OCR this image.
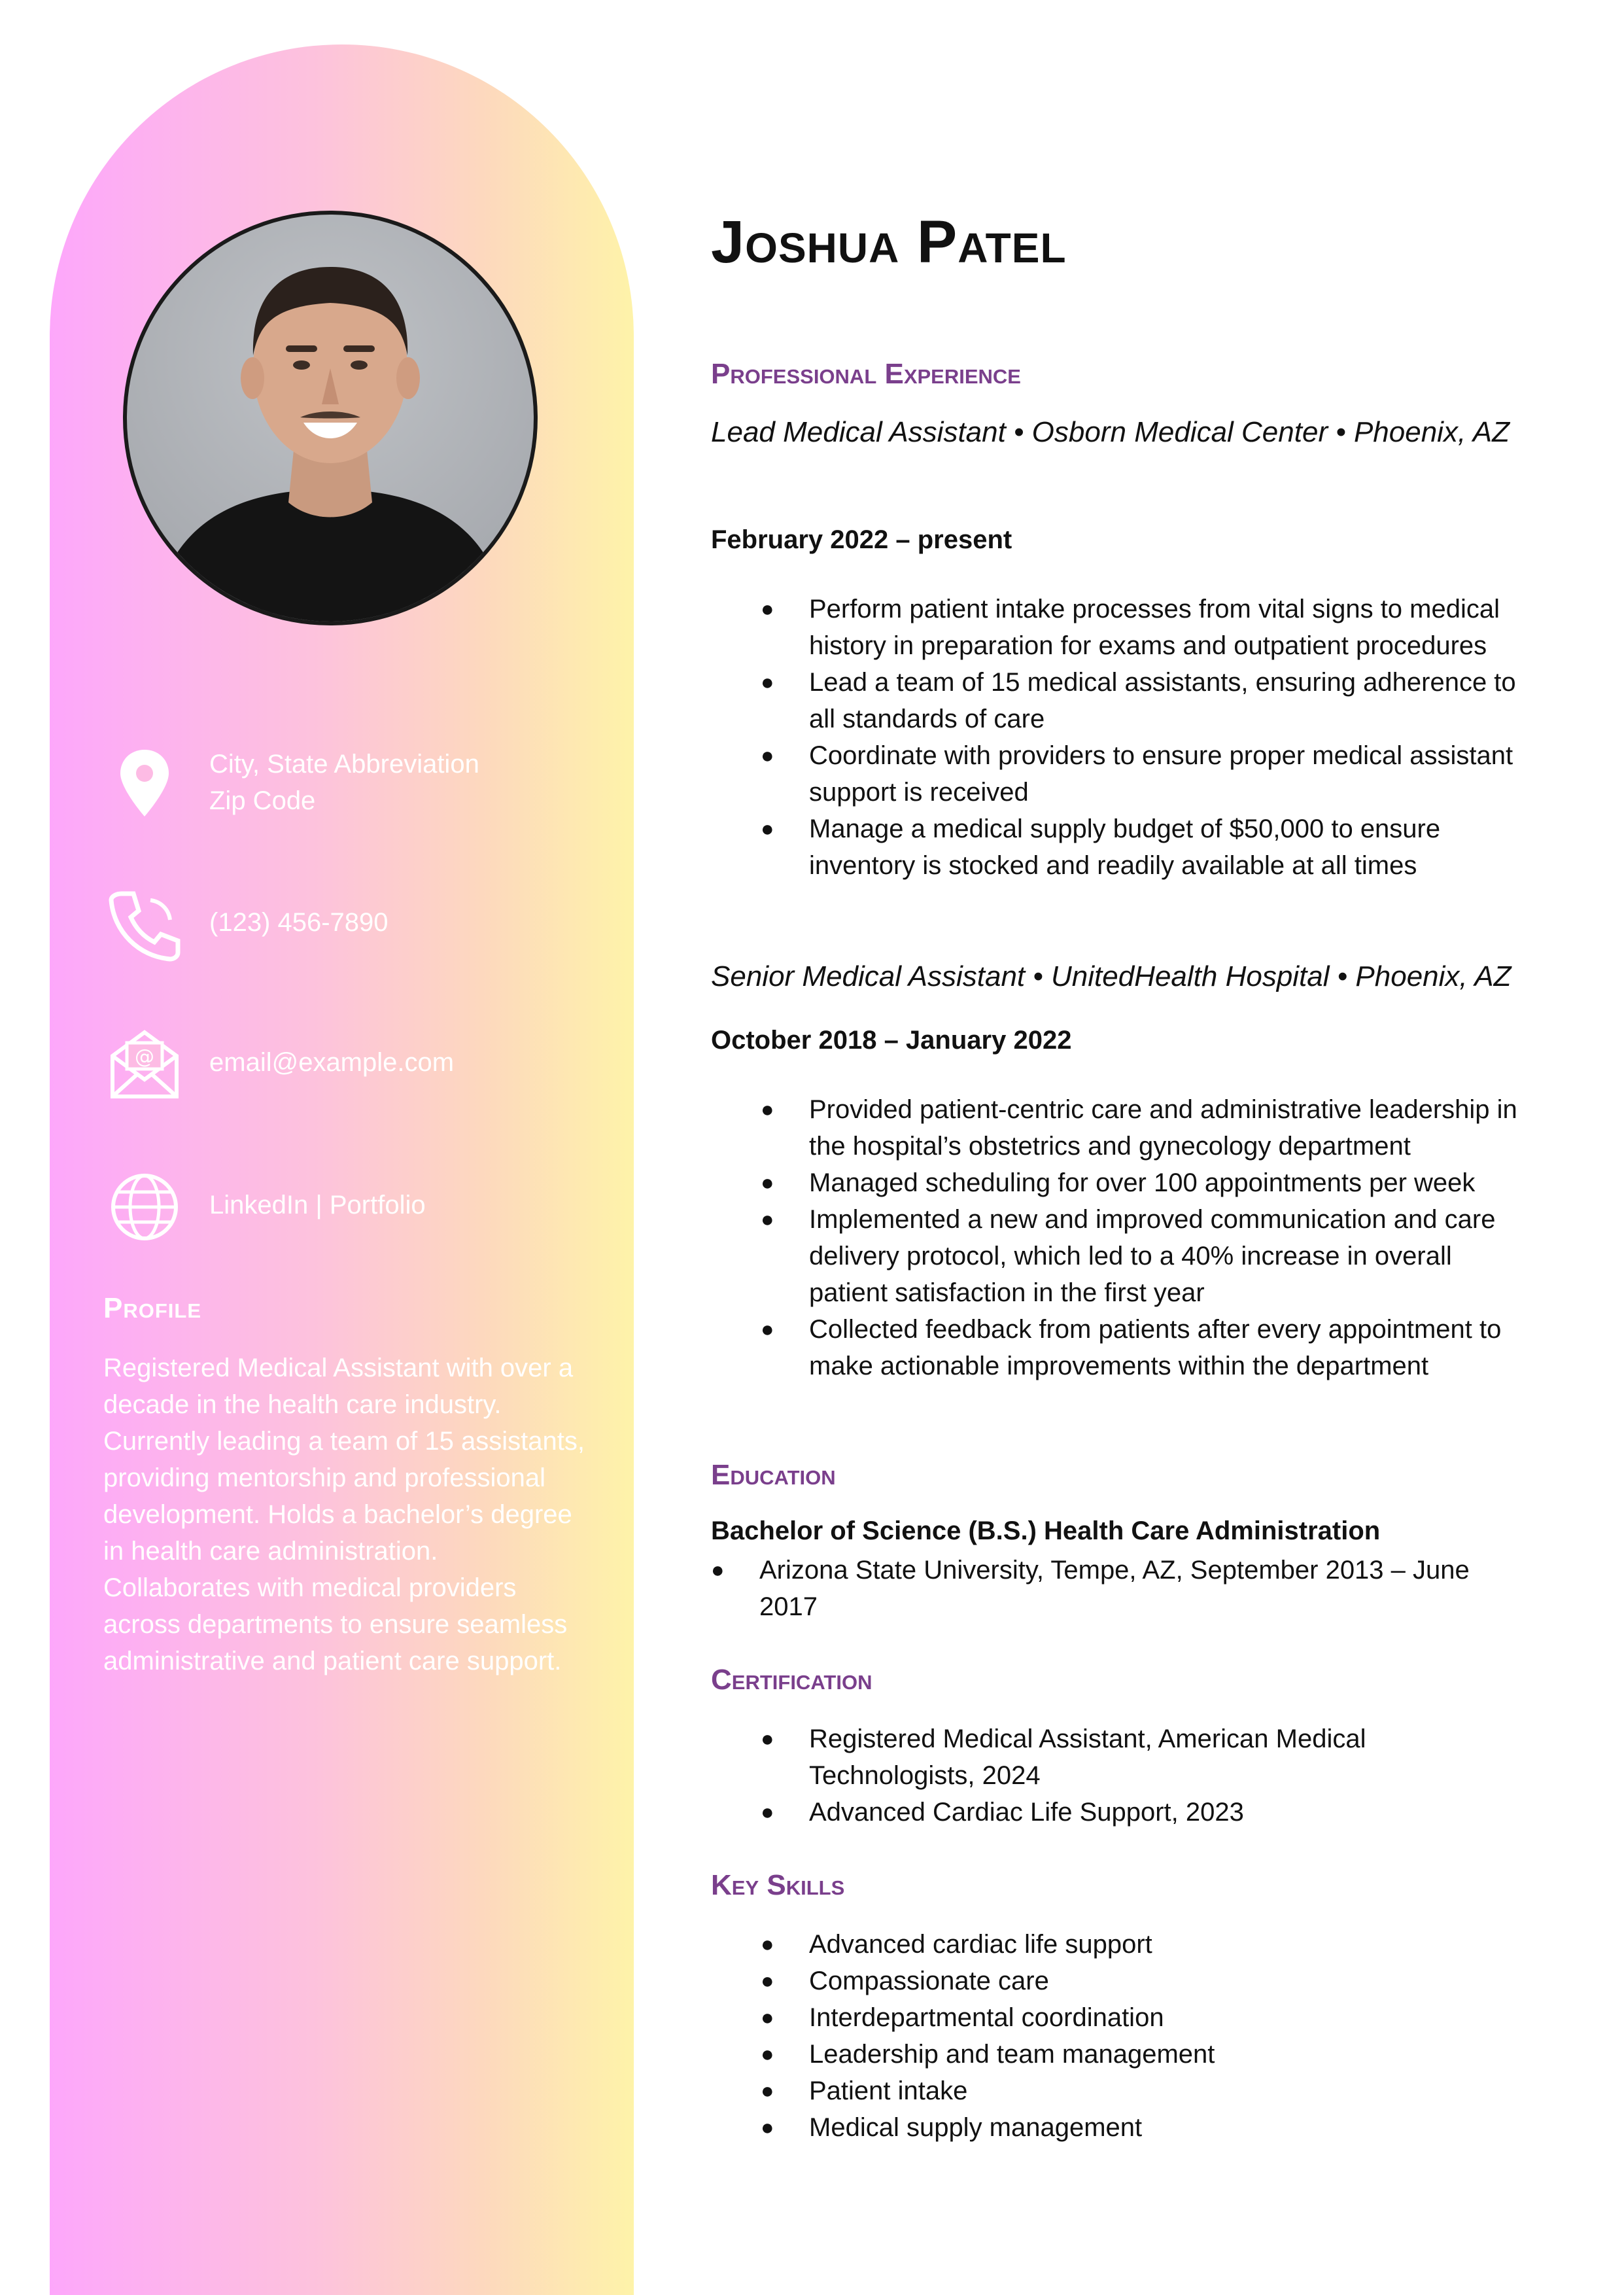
City, State Abbreviation
Zip Code
(123) 456-7890
@ email@example.com
LinkedIn | Portfolio
Profile
Registered Medical Assistant with over a decade in the health care industry. Currently leading a team of 15 assistants, providing mentorship and professional development. Holds a bachelor’s degree in health care administration. Collaborates with medical providers across departments to ensure seamless administrative and patient care support.
Joshua Patel
Professional Experience
Lead Medical Assistant • Osborn Medical Center • Phoenix, AZ
February 2022 – present
● Perform patient intake processes from vital signs to medical history in preparation for exams and outpatient procedures
● Lead a team of 15 medical assistants, ensuring adherence to all standards of care
● Coordinate with providers to ensure proper medical assistant support is received
● Manage a medical supply budget of $50,000 to ensure inventory is stocked and readily available at all times
Senior Medical Assistant • UnitedHealth Hospital • Phoenix, AZ
October 2018 – January 2022
● Provided patient-centric care and administrative leadership in the hospital’s obstetrics and gynecology department
● Managed scheduling for over 100 appointments per week
● Implemented a new and improved communication and care delivery protocol, which led to a 40% increase in overall patient satisfaction in the first year
● Collected feedback from patients after every appointment to make actionable improvements within the department
Education
Bachelor of Science (B.S.) Health Care Administration
● Arizona State University, Tempe, AZ, September 2013 – June 2017
Certification
● Registered Medical Assistant, American Medical Technologists, 2024
● Advanced Cardiac Life Support, 2023
Key Skills
● Advanced cardiac life support
● Compassionate care
● Interdepartmental coordination
● Leadership and team management
● Patient intake
● Medical supply management
